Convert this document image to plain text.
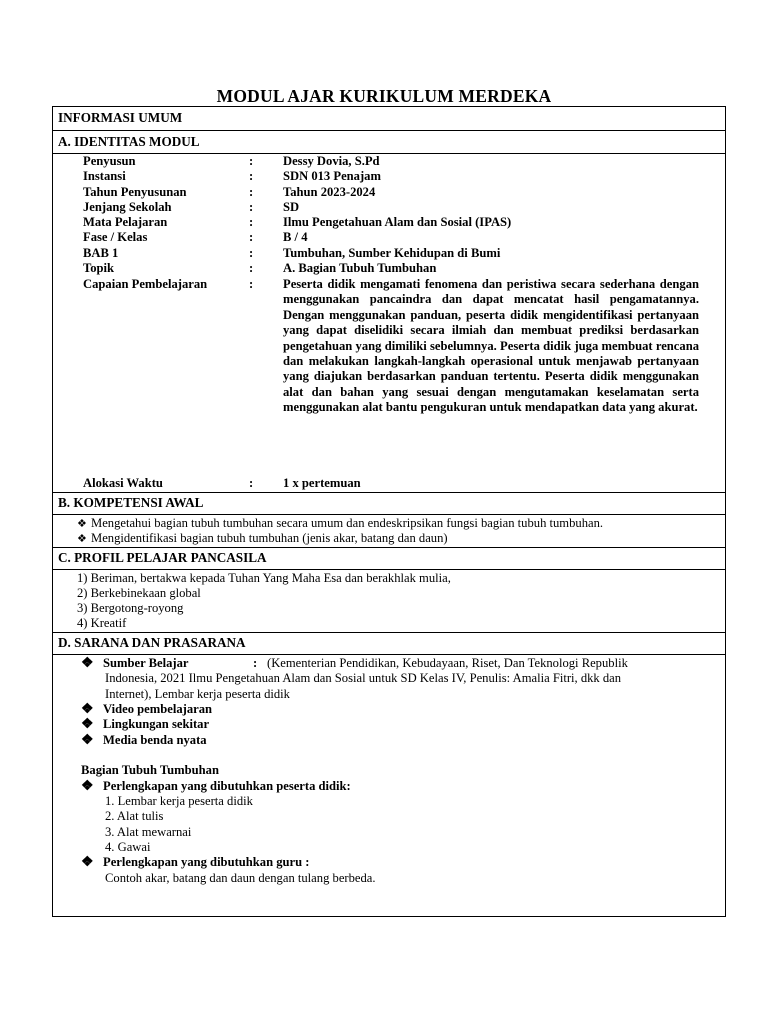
MODUL AJAR KURIKULUM MERDEKA
INFORMASI UMUM
A. IDENTITAS MODUL
Penyusun	: Dessy Dovia, S.Pd
Instansi	: SDN 013 Penajam
Tahun Penyusunan	: Tahun 2023-2024
Jenjang Sekolah	: SD
Mata Pelajaran	: Ilmu Pengetahuan Alam dan Sosial (IPAS)
Fase / Kelas	: B / 4
BAB 1	: Tumbuhan, Sumber Kehidupan di Bumi
Topik	: A. Bagian Tubuh Tumbuhan
Capaian Pembelajaran	: Peserta didik mengamati fenomena dan peristiwa secara sederhana dengan menggunakan pancaindra dan dapat mencatat hasil pengamatannya. Dengan menggunakan panduan, peserta didik mengidentifikasi pertanyaan yang dapat diselidiki secara ilmiah dan membuat prediksi berdasarkan pengetahuan yang dimiliki sebelumnya. Peserta didik juga membuat rencana dan melakukan langkah-langkah operasional untuk menjawab pertanyaan yang diajukan berdasarkan panduan tertentu. Peserta didik menggunakan alat dan bahan yang sesuai dengan mengutamakan keselamatan serta menggunakan alat bantu pengukuran untuk mendapatkan data yang akurat.
Alokasi Waktu	: 1 x pertemuan
B. KOMPETENSI AWAL
❖ Mengetahui bagian tubuh tumbuhan secara umum dan endeskripsikan fungsi bagian tubuh tumbuhan.
❖ Mengidentifikasi bagian tubuh tumbuhan (jenis akar, batang dan daun)
C. PROFIL PELAJAR PANCASILA
1) Beriman, bertakwa kepada Tuhan Yang Maha Esa dan berakhlak mulia,
2) Berkebinekaan global
3) Bergotong-royong
4) Kreatif
D. SARANA DAN PRASARANA
❖ Sumber Belajar	: (Kementerian Pendidikan, Kebudayaan, Riset, Dan Teknologi Republik
Indonesia, 2021 Ilmu Pengetahuan Alam dan Sosial untuk SD Kelas IV, Penulis: Amalia Fitri, dkk dan
Internet), Lembar kerja peserta didik
❖ Video pembelajaran
❖ Lingkungan sekitar
❖ Media benda nyata
Bagian Tubuh Tumbuhan
❖ Perlengkapan yang dibutuhkan peserta didik:
1. Lembar kerja peserta didik
2. Alat tulis
3. Alat mewarnai
4. Gawai
❖ Perlengkapan yang dibutuhkan guru :
Contoh akar, batang dan daun dengan tulang berbeda.
